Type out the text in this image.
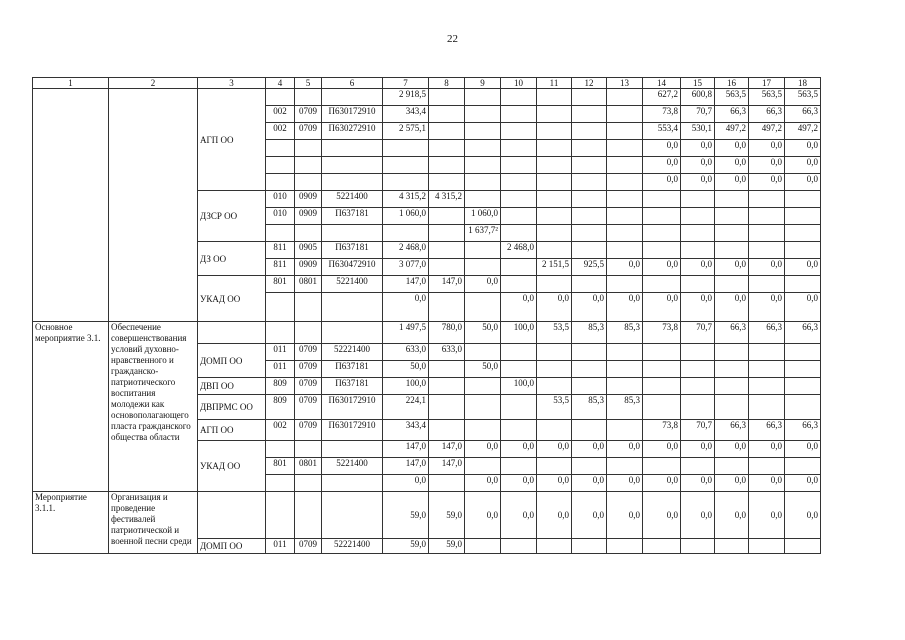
22
1	2	3	4	5	6	7	8	9	10	11	12	13	14	15	16	17	18
		АГП ОО				2 918,5							627,2	600,8	563,5	563,5	563,5
			002	0709	П630172910	343,4							73,8	70,7	66,3	66,3	66,3
			002	0709	П630272910	2 575,1							553,4	530,1	497,2	497,2	497,2
													0,0	0,0	0,0	0,0	0,0
													0,0	0,0	0,0	0,0	0,0
													0,0	0,0	0,0	0,0	0,0
		ДЗСР ОО	010	0909	5221400	4 315,2	4 315,2										
			010	0909	П637181	1 060,0		1 060,0									
								1 637,7²									
		ДЗ ОО	811	0905	П637181	2 468,0			2 468,0								
			811	0909	П630472910	3 077,0				2 151,5	925,5	0,0	0,0	0,0	0,0	0,0	0,0
		УКАД ОО	801	0801	5221400	147,0	147,0	0,0									
						0,0			0,0	0,0	0,0	0,0	0,0	0,0	0,0	0,0	0,0
Основное мероприятие 3.1.	Обеспечение совершенствования условий духовно-нравственного и гражданско-патриотического воспитания молодежи как основополагающего пласта гражданского общества области					1 497,5	780,0	50,0	100,0	53,5	85,3	85,3	73,8	70,7	66,3	66,3	66,3
		ДОМП ОО	011	0709	52221400	633,0	633,0										
			011	0709	П637181	50,0		50,0									
		ДВП ОО	809	0709	П637181	100,0			100,0								
		ДВПРМС ОО	809	0709	П630172910	224,1				53,5	85,3	85,3					
		АГП ОО	002	0709	П630172910	343,4							73,8	70,7	66,3	66,3	66,3
		УКАД ОО				147,0	147,0	0,0	0,0	0,0	0,0	0,0	0,0	0,0	0,0	0,0	0,0
			801	0801	5221400	147,0	147,0										
						0,0		0,0	0,0	0,0	0,0	0,0	0,0	0,0	0,0	0,0	0,0
Мероприятие 3.1.1.	Организация и проведение фестивалей патриотической и военной песни среди					59,0	59,0	0,0	0,0	0,0	0,0	0,0	0,0	0,0	0,0	0,0	0,0
		ДОМП ОО	011	0709	52221400	59,0	59,0										
